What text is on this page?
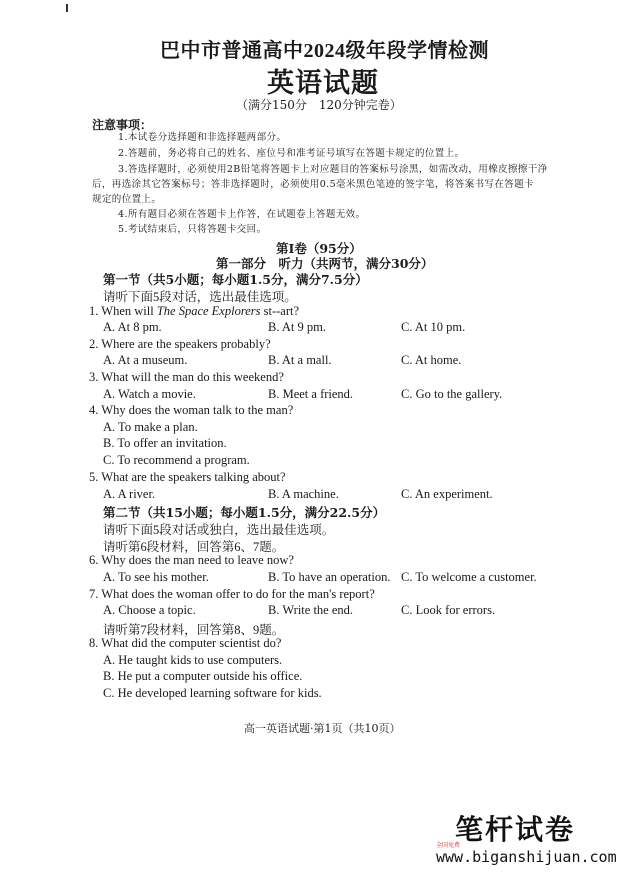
巴中市普通高中2024级年段学情检测
英语试题
（满分150分　120分钟完卷）
注意事项：
1.本试卷分选择题和非选择题两部分。
2.答题前，务必将自己的姓名、座位号和准考证号填写在答题卡规定的位置上。
3.答选择题时，必须使用2B铅笔将答题卡上对应题目的答案标号涂黑，如需改动，用橡皮擦擦干净
后，再选涂其它答案标号；答非选择题时，必须使用0.5毫米黑色笔迹的签字笔，将答案书写在答题卡
规定的位置上。
4.所有题目必须在答题卡上作答，在试题卷上答题无效。
5.考试结束后，只将答题卡交回。
第Ⅰ卷（95分）
第一部分　听力（共两节，满分30分）
第一节（共5小题；每小题1.5分，满分7.5分）
请听下面5段对话，选出最佳选项。
1. When will The Space Explorers st--art?
A. At 8 pm.	B. At 9 pm.	C. At 10 pm.
2. Where are the speakers probably?
A. At a museum.	B. At a mall.	C. At home.
3. What will the man do this weekend?
A. Watch a movie.	B. Meet a friend.	C. Go to the gallery.
4. Why does the woman talk to the man?
A. To make a plan.
B. To offer an invitation.
C. To recommend a program.
5. What are the speakers talking about?
A. A river.	B. A machine.	C. An experiment.
第二节（共15小题；每小题1.5分，满分22.5分）
请听下面5段对话或独白，选出最佳选项。
请听第6段材料，回答第6、7题。
6. Why does the man need to leave now?
A. To see his mother.	B. To have an operation. C. To welcome a customer.
7. What does the woman offer to do for the man's report?
A. Choose a topic.	B. Write the end.	C. Look for errors.
请听第7段材料，回答第8、9题。
8. What did the computer scientist do?
A. He taught kids to use computers.
B. He put a computer outside his office.
C. He developed learning software for kids.
高一英语试题·第1页（共10页）
笔杆试卷
全国免费
www.biganshijuan.com
